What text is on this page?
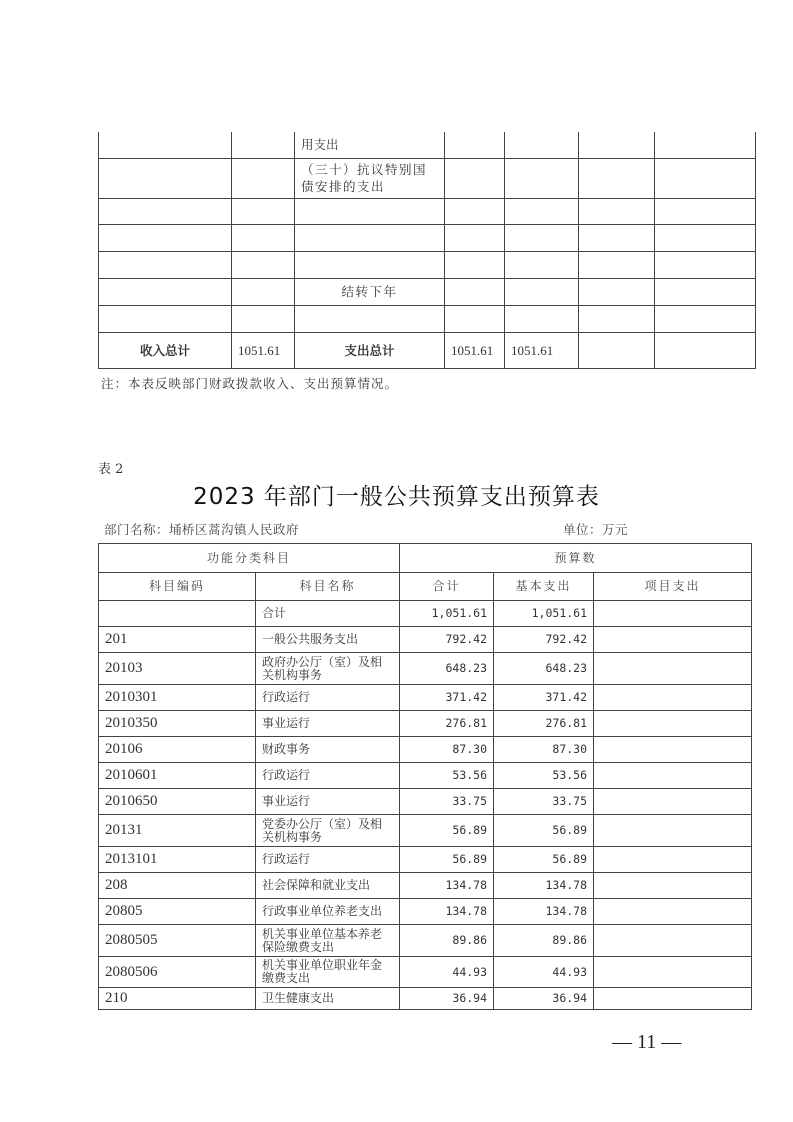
		用支出				
		（三十）抗议特别国债安排的支出				

		结转下年				

收入总计	1051.61	支出总计	1051.61	1051.61		
注：本表反映部门财政拨款收入、支出预算情况。
表 2
2023 年部门一般公共预算支出预算表
部门名称：埇桥区蒿沟镇人民政府	单位：万元
功能分类科目		预算数		
科目编码	科目名称	合计	基本支出	项目支出
	合计	1,051.61	1,051.61	
201	一般公共服务支出	792.42	792.42	
20103	政府办公厅（室）及相关机构事务	648.23	648.23	
2010301	行政运行	371.42	371.42	
2010350	事业运行	276.81	276.81	
20106	财政事务	87.30	87.30	
2010601	行政运行	53.56	53.56	
2010650	事业运行	33.75	33.75	
20131	党委办公厅（室）及相关机构事务	56.89	56.89	
2013101	行政运行	56.89	56.89	
208	社会保障和就业支出	134.78	134.78	
20805	行政事业单位养老支出	134.78	134.78	
2080505	机关事业单位基本养老保险缴费支出	89.86	89.86	
2080506	机关事业单位职业年金缴费支出	44.93	44.93	
210	卫生健康支出	36.94	36.94	
— 11 —
